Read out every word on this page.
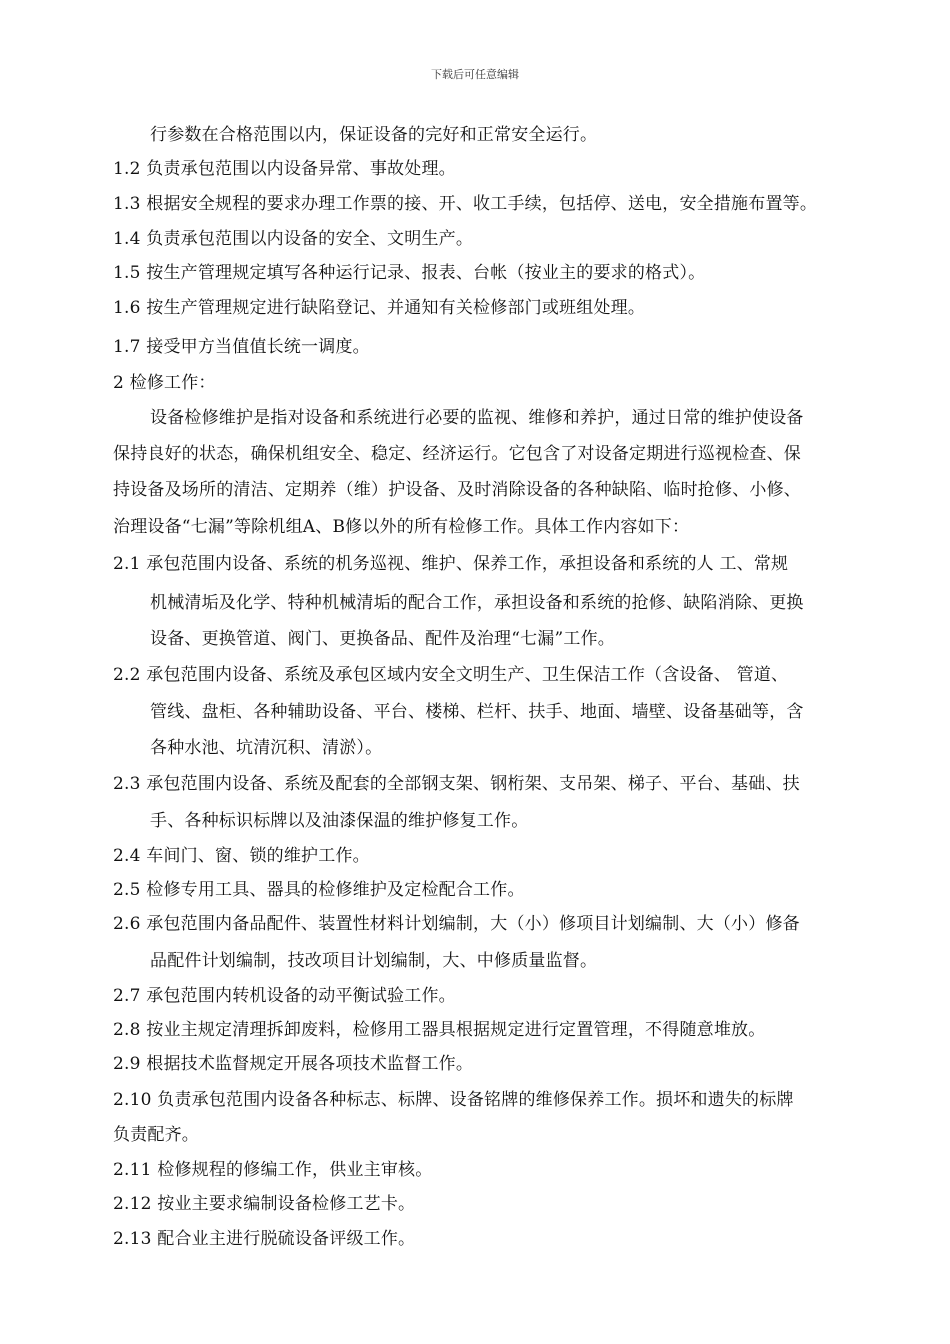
下载后可任意编辑
行参数在合格范围以内，保证设备的完好和正常安全运行。
1.2 负责承包范围以内设备异常、事故处理。
1.3 根据安全规程的要求办理工作票的接、开、收工手续，包括停、送电，安全措施布置等。
1.4 负责承包范围以内设备的安全、文明生产。
1.5 按生产管理规定填写各种运行记录、报表、台帐（按业主的要求的格式）。
1.6 按生产管理规定进行缺陷登记、并通知有关检修部门或班组处理。
1.7 接受甲方当值值长统一调度。
2 检修工作：
设备检修维护是指对设备和系统进行必要的监视、维修和养护，通过日常的维护使设备
保持良好的状态，确保机组安全、稳定、经济运行。它包含了对设备定期进行巡视检查、保
持设备及场所的清洁、定期养（维）护设备、及时消除设备的各种缺陷、临时抢修、小修、
治理设备“七漏”等除机组A、B修以外的所有检修工作。具体工作内容如下：
2.1 承包范围内设备、系统的机务巡视、维护、保养工作，承担设备和系统的人 工、常规
机械清垢及化学、特种机械清垢的配合工作，承担设备和系统的抢修、缺陷消除、更换
设备、更换管道、阀门、更换备品、配件及治理“七漏”工作。
2.2 承包范围内设备、系统及承包区域内安全文明生产、卫生保洁工作（含设备、 管道、
管线、盘柜、各种辅助设备、平台、楼梯、栏杆、扶手、地面、墙壁、设备基础等，含
各种水池、坑清沉积、清淤）。
2.3 承包范围内设备、系统及配套的全部钢支架、钢桁架、支吊架、梯子、平台、基础、扶
手、各种标识标牌以及油漆保温的维护修复工作。
2.4 车间门、窗、锁的维护工作。
2.5 检修专用工具、器具的检修维护及定检配合工作。
2.6 承包范围内备品配件、装置性材料计划编制，大（小）修项目计划编制、大（小）修备
品配件计划编制，技改项目计划编制，大、中修质量监督。
2.7 承包范围内转机设备的动平衡试验工作。
2.8 按业主规定清理拆卸废料，检修用工器具根据规定进行定置管理，不得随意堆放。
2.9 根据技术监督规定开展各项技术监督工作。
2.10 负责承包范围内设备各种标志、标牌、设备铭牌的维修保养工作。损坏和遗失的标牌
负责配齐。
2.11 检修规程的修编工作，供业主审核。
2.12 按业主要求编制设备检修工艺卡。
2.13 配合业主进行脱硫设备评级工作。
